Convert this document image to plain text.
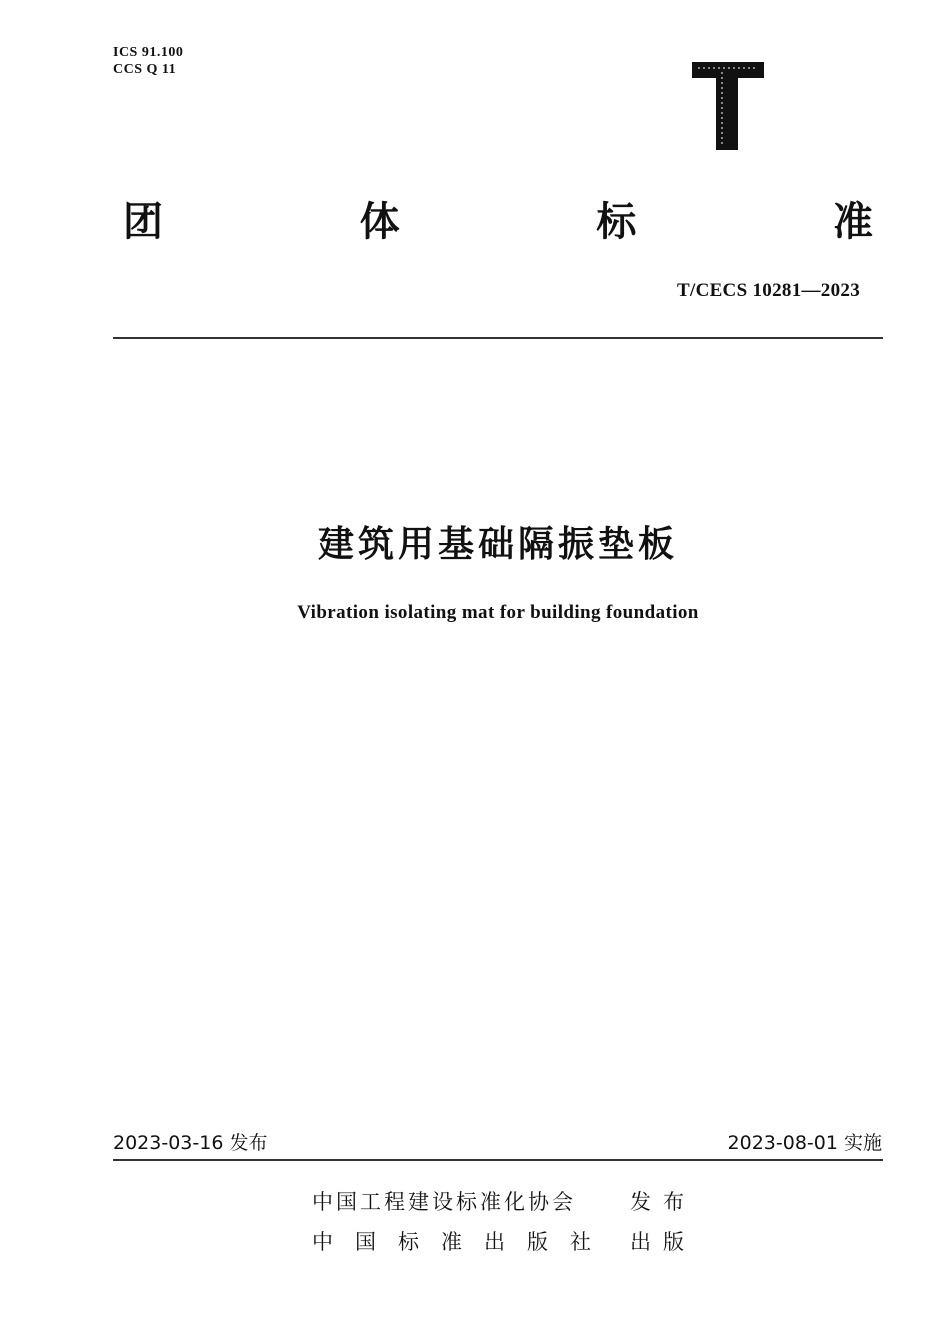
ICS 91.100
CCS Q 11
团	体	标	准
T/CECS 10281—2023
建筑用基础隔振垫板
Vibration isolating mat for building foundation
2023-03-16 发布	2023-08-01 实施
中国工程建设标准化协会	发布
中国标准出版社 出版
